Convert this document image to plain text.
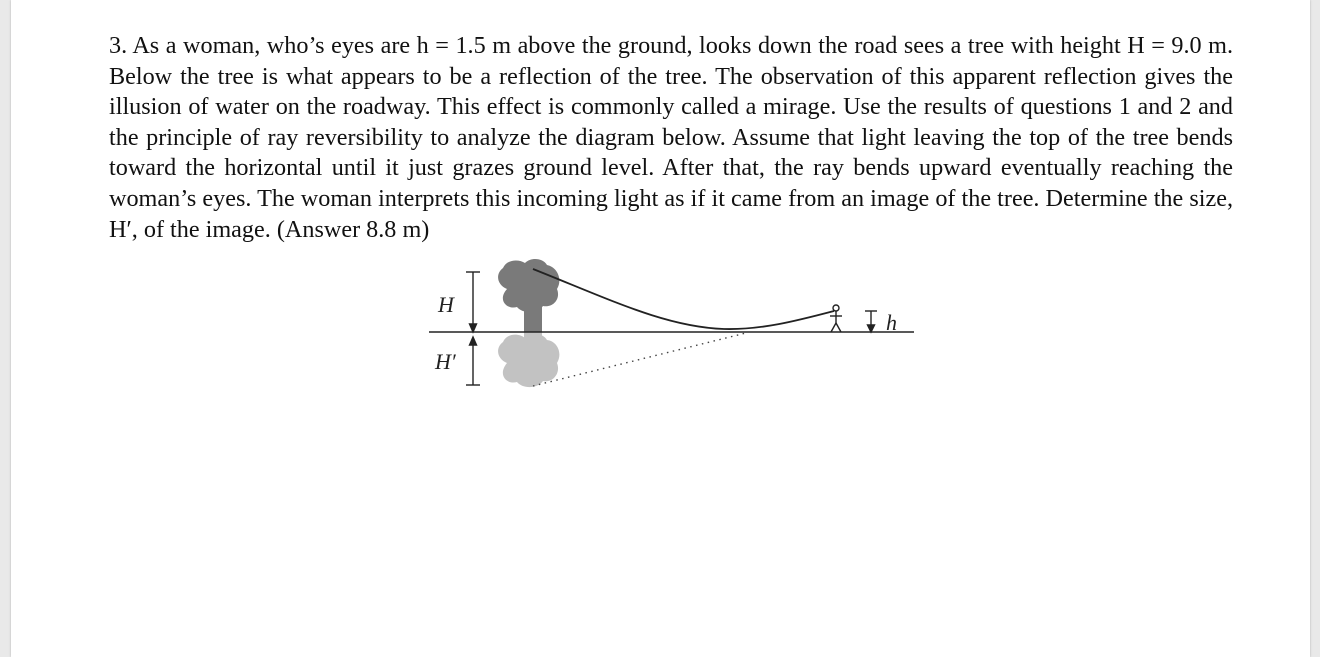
3. As a woman, who’s eyes are h = 1.5 m above the ground, looks down the road sees a tree with height H = 9.0 m. Below the tree is what appears to be a reflection of the tree. The observation of this apparent reflection gives the illusion of water on the roadway. This effect is commonly called a mirage. Use the results of questions 1 and 2 and the principle of ray reversibility to analyze the diagram below. Assume that light leaving the top of the tree bends toward the horizontal until it just grazes ground level. After that, the ray bends upward eventually reaching the woman’s eyes. The woman interprets this incoming light as if it came from an image of the tree. Determine the size, H′, of the image. (Answer 8.8 m)

H
H′
h
